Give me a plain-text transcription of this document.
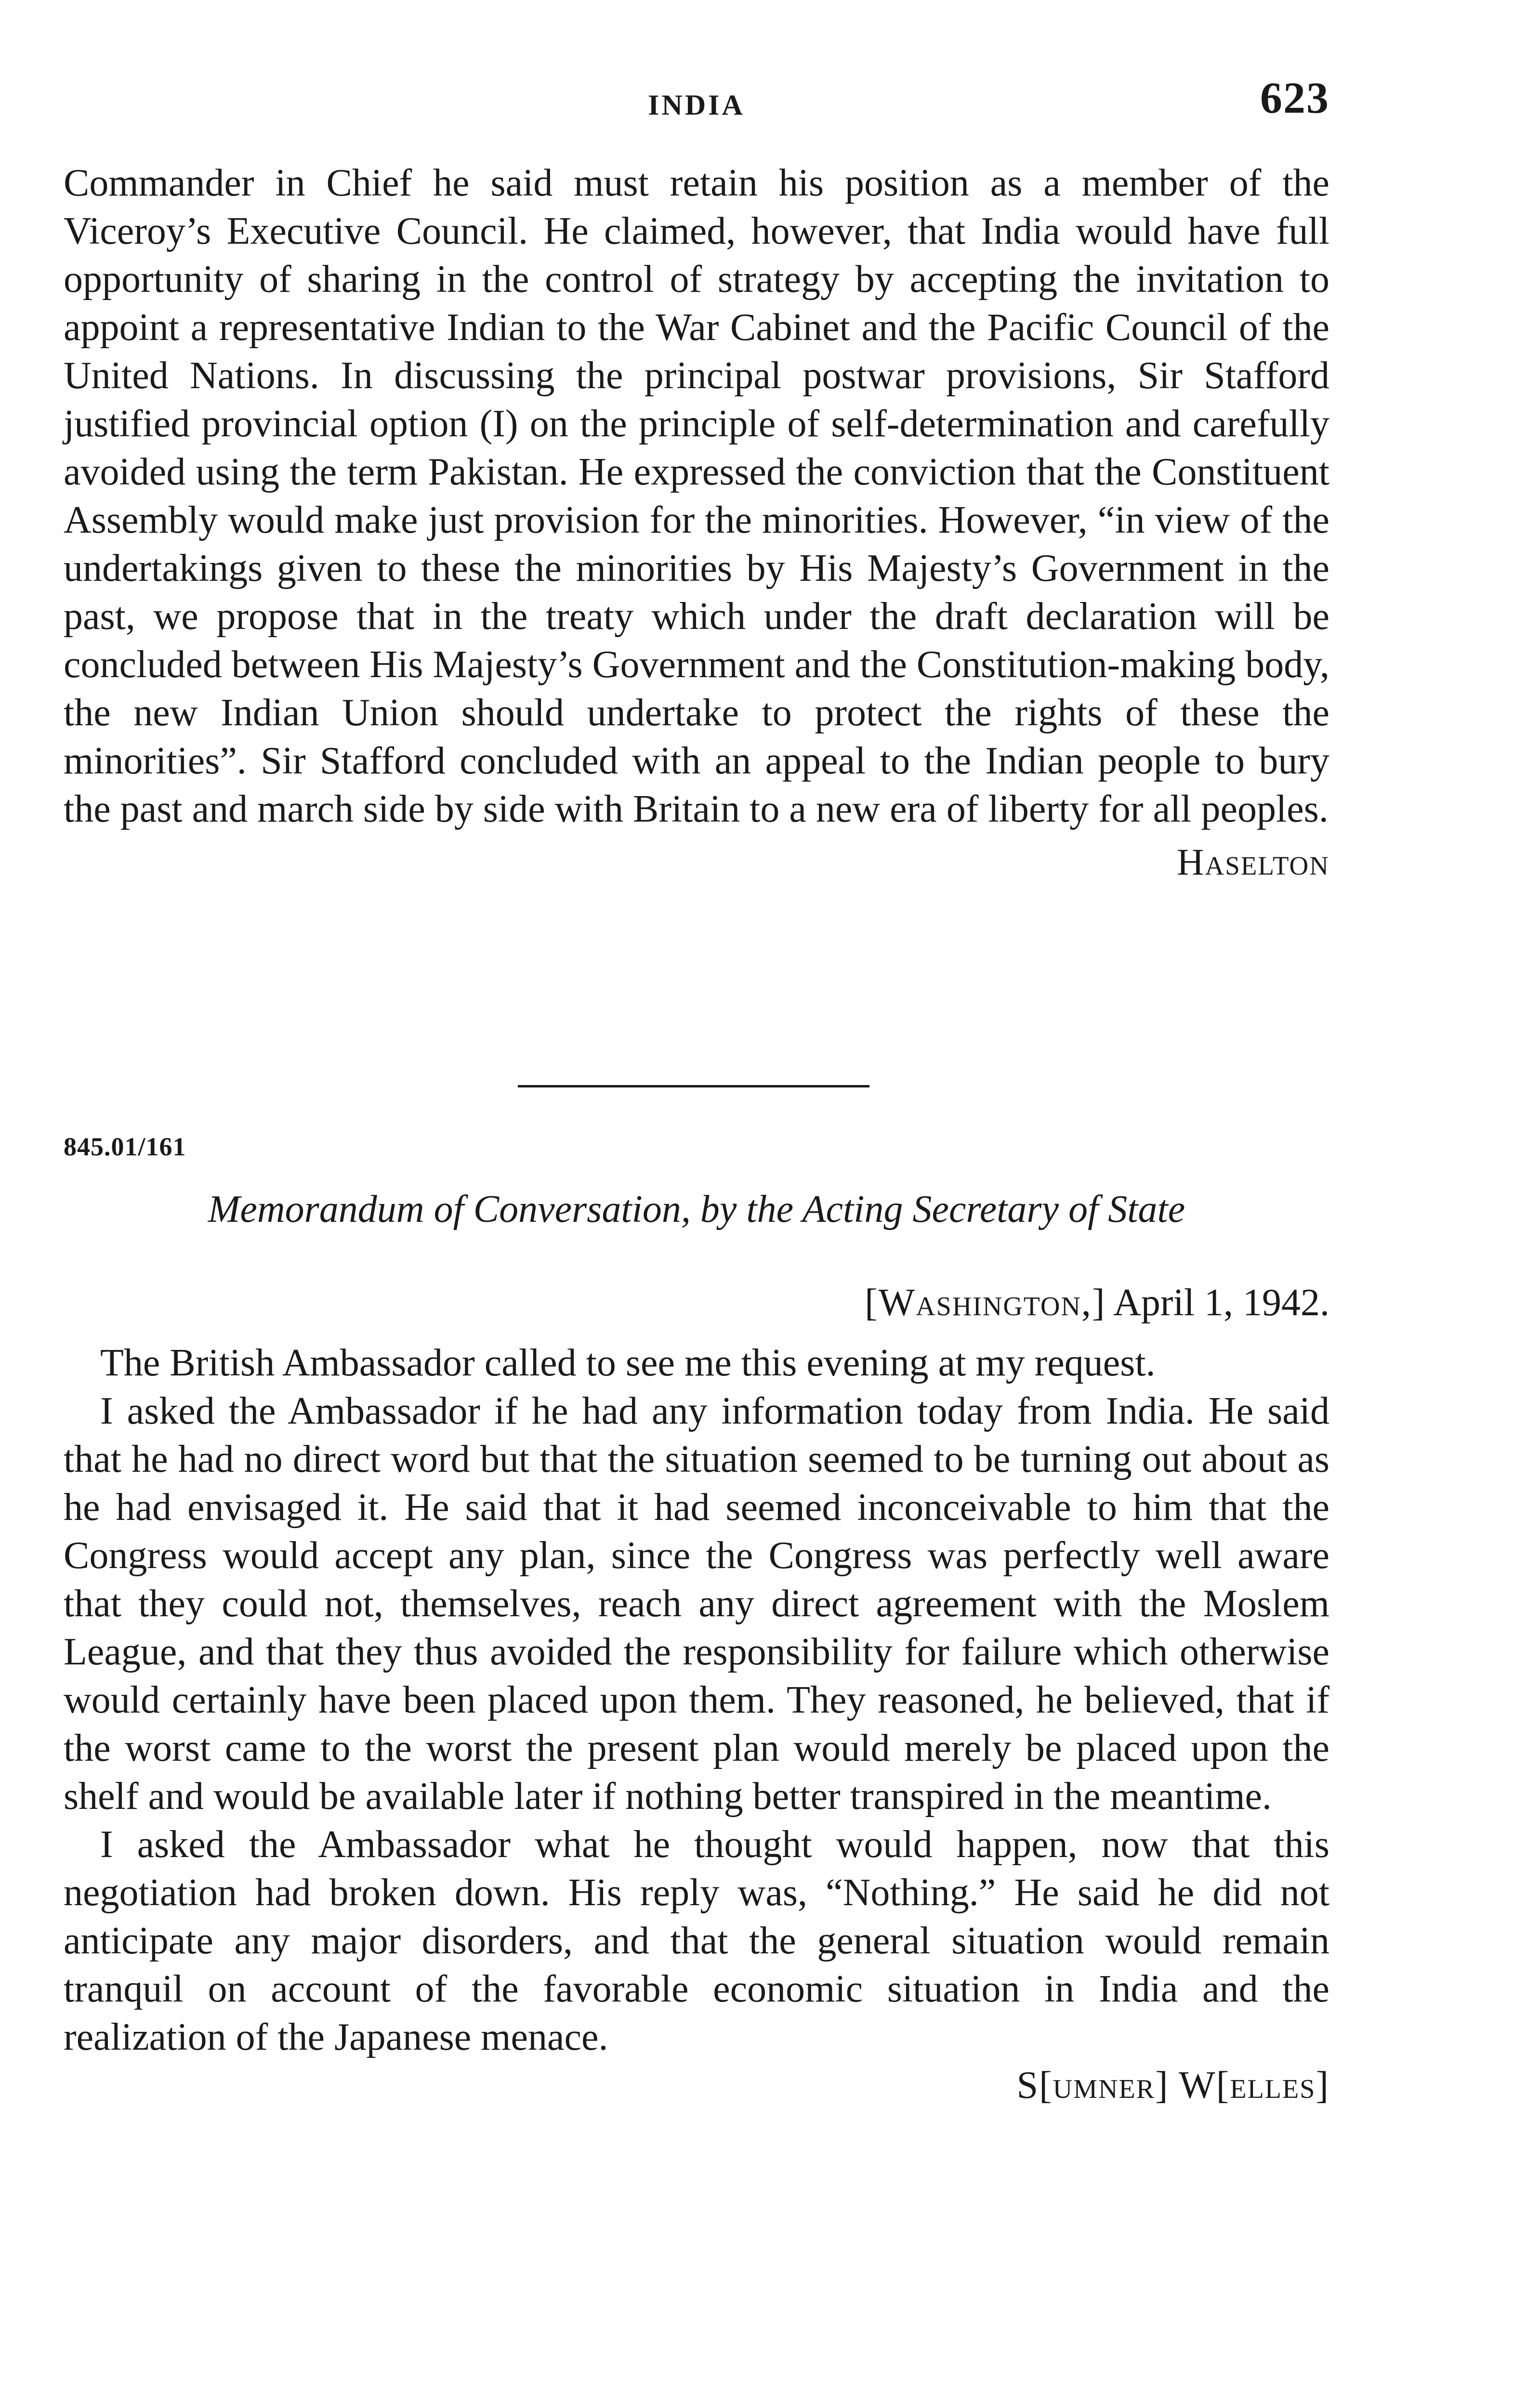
INDIA	623

Commander in Chief he said must retain his position as a member of the Viceroy’s Executive Council. He claimed, however, that India would have full opportunity of sharing in the control of strategy by accepting the invitation to appoint a representative Indian to the War Cabinet and the Pacific Council of the United Nations. In discussing the principal postwar provisions, Sir Stafford justified provincial option (I) on the principle of self-determination and carefully avoided using the term Pakistan. He expressed the conviction that the Constituent Assembly would make just provision for the minorities. However, “in view of the undertakings given to these the minorities by His Majesty’s Government in the past, we propose that in the treaty which under the draft declaration will be concluded between His Majesty’s Government and the Constitution-making body, the new Indian Union should undertake to protect the rights of these the minorities”. Sir Stafford concluded with an appeal to the Indian people to bury the past and march side by side with Britain to a new era of liberty for all peoples.

Haselton
845.01/161
Memorandum of Conversation, by the Acting Secretary of State
[Washington,] April 1, 1942.

The British Ambassador called to see me this evening at my request.

I asked the Ambassador if he had any information today from India. He said that he had no direct word but that the situation seemed to be turning out about as he had envisaged it. He said that it had seemed inconceivable to him that the Congress would accept any plan, since the Congress was perfectly well aware that they could not, themselves, reach any direct agreement with the Moslem League, and that they thus avoided the responsibility for failure which otherwise would certainly have been placed upon them. They reasoned, he believed, that if the worst came to the worst the present plan would merely be placed upon the shelf and would be available later if nothing better transpired in the meantime.

I asked the Ambassador what he thought would happen, now that this negotiation had broken down. His reply was, “Nothing.” He said he did not anticipate any major disorders, and that the general situation would remain tranquil on account of the favorable economic situation in India and the realization of the Japanese menace.

S[umner] W[elles]
